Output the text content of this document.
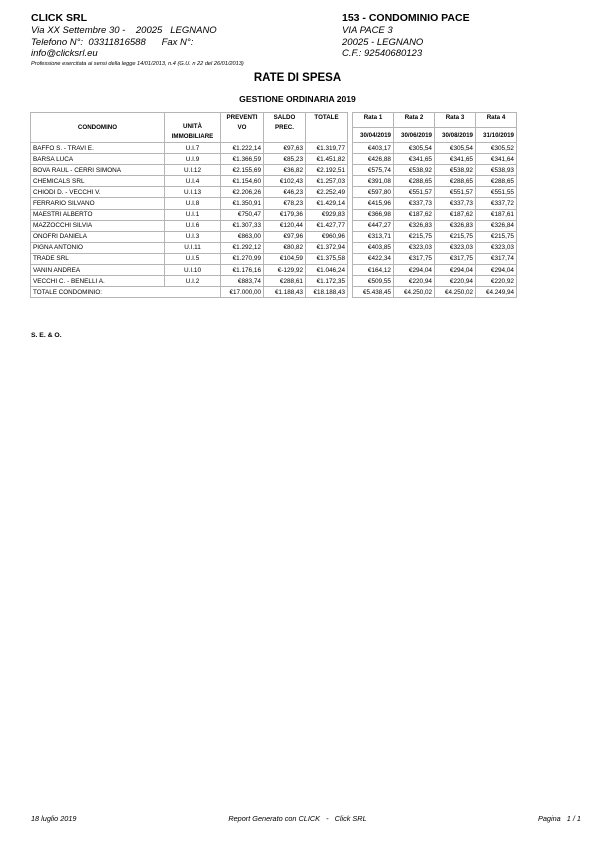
CLICK SRL
Via XX Settembre 30 -    20025   LEGNANO
Telefono N°:  03311816588      Fax N°:
info@clicksrl.eu
Professione esercitata ai sensi della legge 14/01/2013, n.4 (G.U. n 22 del 26/01/2013)
153 - CONDOMINIO PACE
VIA PACE 3
20025 - LEGNANO
C.F.: 92540680123
RATE DI SPESA
GESTIONE ORDINARIA 2019
CONDOMINO	UNITÀ IMMOBILIARE	PREVENTI VO	SALDO PREC.	TOTALE		Rata 1	Rata 2	Rata 3	Rata 4
						30/04/2019	30/06/2019	30/08/2019	31/10/2019
BAFFO S. - TRAVI E.	U.I.7	€1.222,14	€97,63	€1.319,77		€403,17	€305,54	€305,54	€305,52
BARSA LUCA	U.I.9	€1.366,59	€85,23	€1.451,82		€426,88	€341,65	€341,65	€341,64
BOVA RAUL - CERRI SIMONA	U.I.12	€2.155,69	€36,82	€2.192,51		€575,74	€538,92	€538,92	€538,93
CHEMICALS SRL	U.I.4	€1.154,60	€102,43	€1.257,03		€391,08	€288,65	€288,65	€288,65
CHIODI D. - VECCHI V.	U.I.13	€2.206,26	€46,23	€2.252,49		€597,80	€551,57	€551,57	€551,55
FERRARIO SILVANO	U.I.8	€1.350,91	€78,23	€1.429,14		€415,96	€337,73	€337,73	€337,72
MAESTRI ALBERTO	U.I.1	€750,47	€179,36	€929,83		€366,98	€187,62	€187,62	€187,61
MAZZOCCHI SILVIA	U.I.6	€1.307,33	€120,44	€1.427,77		€447,27	€326,83	€326,83	€326,84
ONOFRI DANIELA	U.I.3	€863,00	€97,96	€960,96		€313,71	€215,75	€215,75	€215,75
PIGNA ANTONIO	U.I.11	€1.292,12	€80,82	€1.372,94		€403,85	€323,03	€323,03	€323,03
TRADE SRL	U.I.5	€1.270,99	€104,59	€1.375,58		€422,34	€317,75	€317,75	€317,74
VANIN ANDREA	U.I.10	€1.176,16	€-129,92	€1.046,24		€164,12	€294,04	€294,04	€294,04
VECCHI C. - BENELLI A.	U.I.2	€883,74	€288,61	€1.172,35		€509,55	€220,94	€220,94	€220,92
TOTALE CONDOMINIO:		€17.000,00	€1.188,43	€18.188,43		€5.438,45	€4.250,02	€4.250,02	€4.249,94
S. E. & O.
18 luglio 2019	Report Generato con CLICK   -   Click SRL	Pagina   1 / 1
